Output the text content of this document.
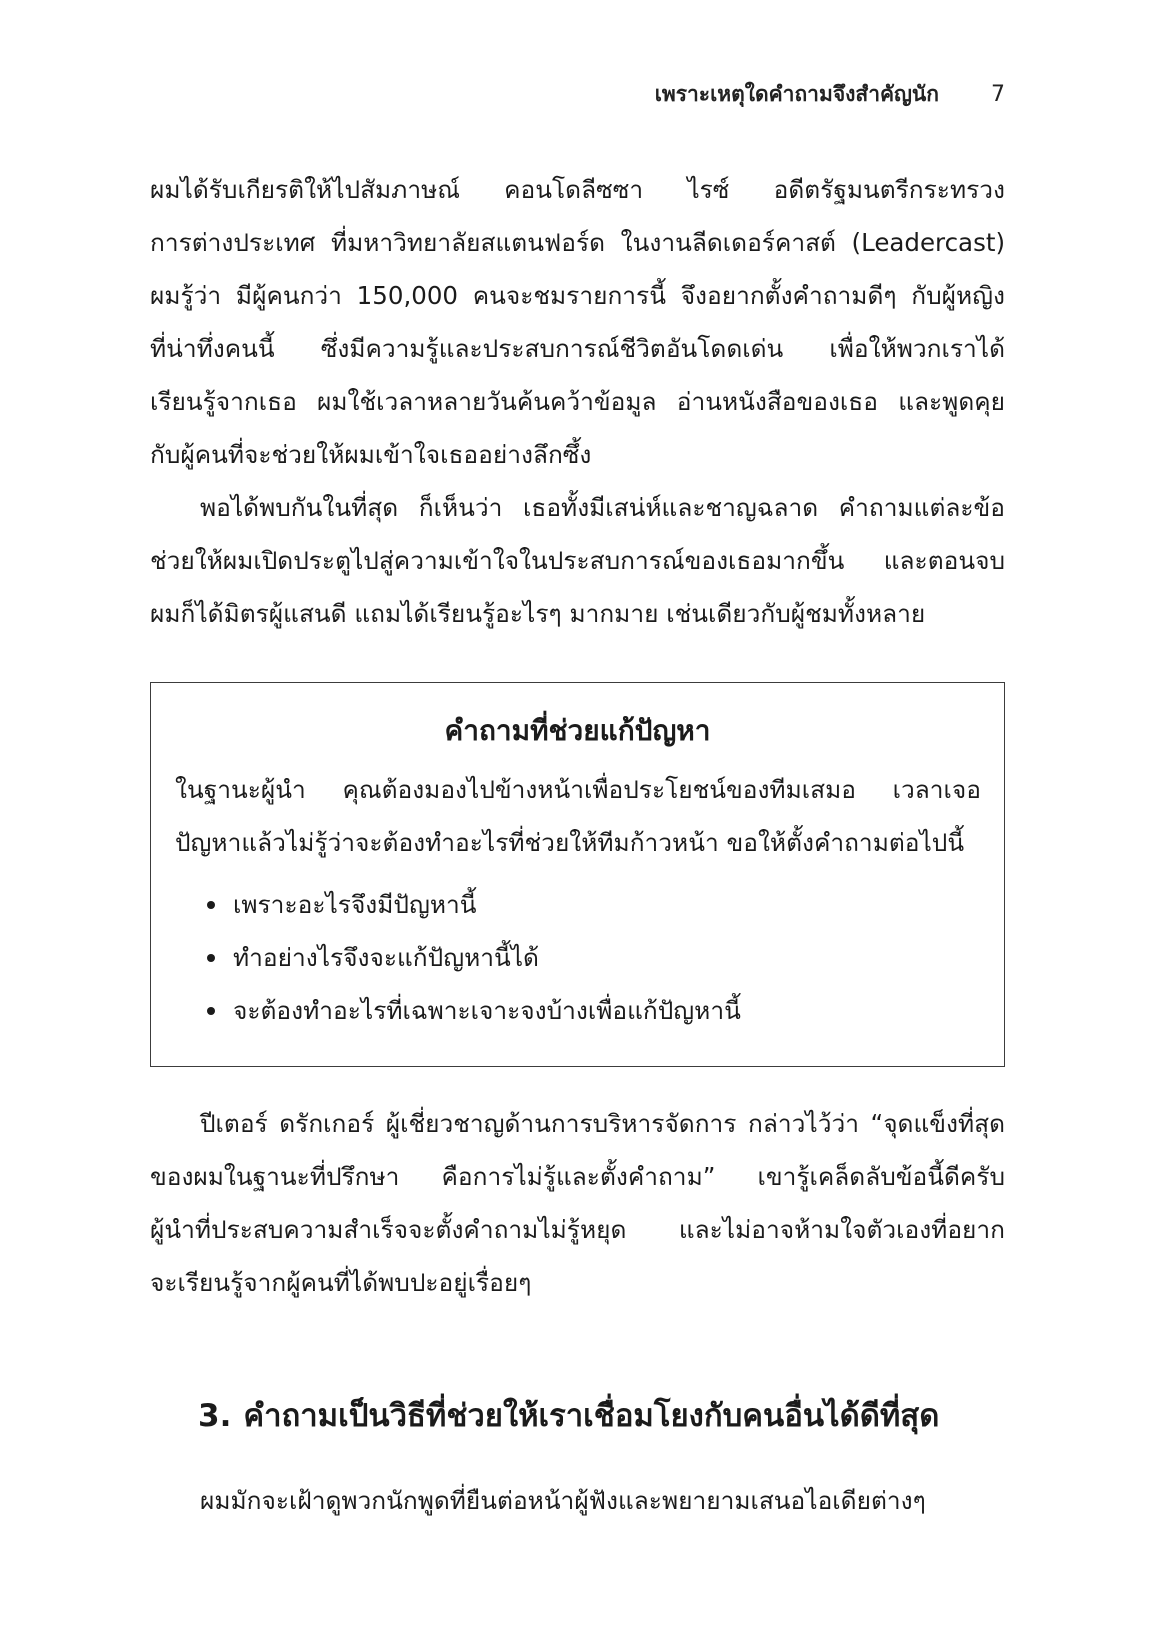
เพราะเหตุใดคำถามจึงสำคัญนัก	7

ผมได้รับเกียรติให้ไปสัมภาษณ์ คอนโดลีซซา ไรซ์ อดีตรัฐมนตรีกระทรวง
การต่างประเทศ ที่มหาวิทยาลัยสแตนฟอร์ด ในงานลีดเดอร์คาสต์ (Leadercast)
ผมรู้ว่า มีผู้คนกว่า 150,000 คนจะชมรายการนี้ จึงอยากตั้งคำถามดีๆ กับผู้หญิง
ที่น่าทึ่งคนนี้ ซึ่งมีความรู้และประสบการณ์ชีวิตอันโดดเด่น เพื่อให้พวกเราได้
เรียนรู้จากเธอ ผมใช้เวลาหลายวันค้นคว้าข้อมูล อ่านหนังสือของเธอ และพูดคุย
กับผู้คนที่จะช่วยให้ผมเข้าใจเธออย่างลึกซึ้ง

พอได้พบกันในที่สุด ก็เห็นว่า เธอทั้งมีเสน่ห์และชาญฉลาด คำถามแต่ละข้อ
ช่วยให้ผมเปิดประตูไปสู่ความเข้าใจในประสบการณ์ของเธอมากขึ้น และตอนจบ
ผมก็ได้มิตรผู้แสนดี แถมได้เรียนรู้อะไรๆ มากมาย เช่นเดียวกับผู้ชมทั้งหลาย

คำถามที่ช่วยแก้ปัญหา

ในฐานะผู้นำ คุณต้องมองไปข้างหน้าเพื่อประโยชน์ของทีมเสมอ เวลาเจอ
ปัญหาแล้วไม่รู้ว่าจะต้องทำอะไรที่ช่วยให้ทีมก้าวหน้า ขอให้ตั้งคำถามต่อไปนี้

เพราะอะไรจึงมีปัญหานี้
ทำอย่างไรจึงจะแก้ปัญหานี้ได้
จะต้องทำอะไรที่เฉพาะเจาะจงบ้างเพื่อแก้ปัญหานี้

ปีเตอร์ ดรักเกอร์ ผู้เชี่ยวชาญด้านการบริหารจัดการ กล่าวไว้ว่า “จุดแข็งที่สุด
ของผมในฐานะที่ปรึกษา คือการไม่รู้และตั้งคำถาม” เขารู้เคล็ดลับข้อนี้ดีครับ
ผู้นำที่ประสบความสำเร็จจะตั้งคำถามไม่รู้หยุด และไม่อาจห้ามใจตัวเองที่อยาก
จะเรียนรู้จากผู้คนที่ได้พบปะอยู่เรื่อยๆ

3. คำถามเป็นวิธีที่ช่วยให้เราเชื่อมโยงกับคนอื่นได้ดีที่สุด

ผมมักจะเฝ้าดูพวกนักพูดที่ยืนต่อหน้าผู้ฟังและพยายามเสนอไอเดียต่างๆ
